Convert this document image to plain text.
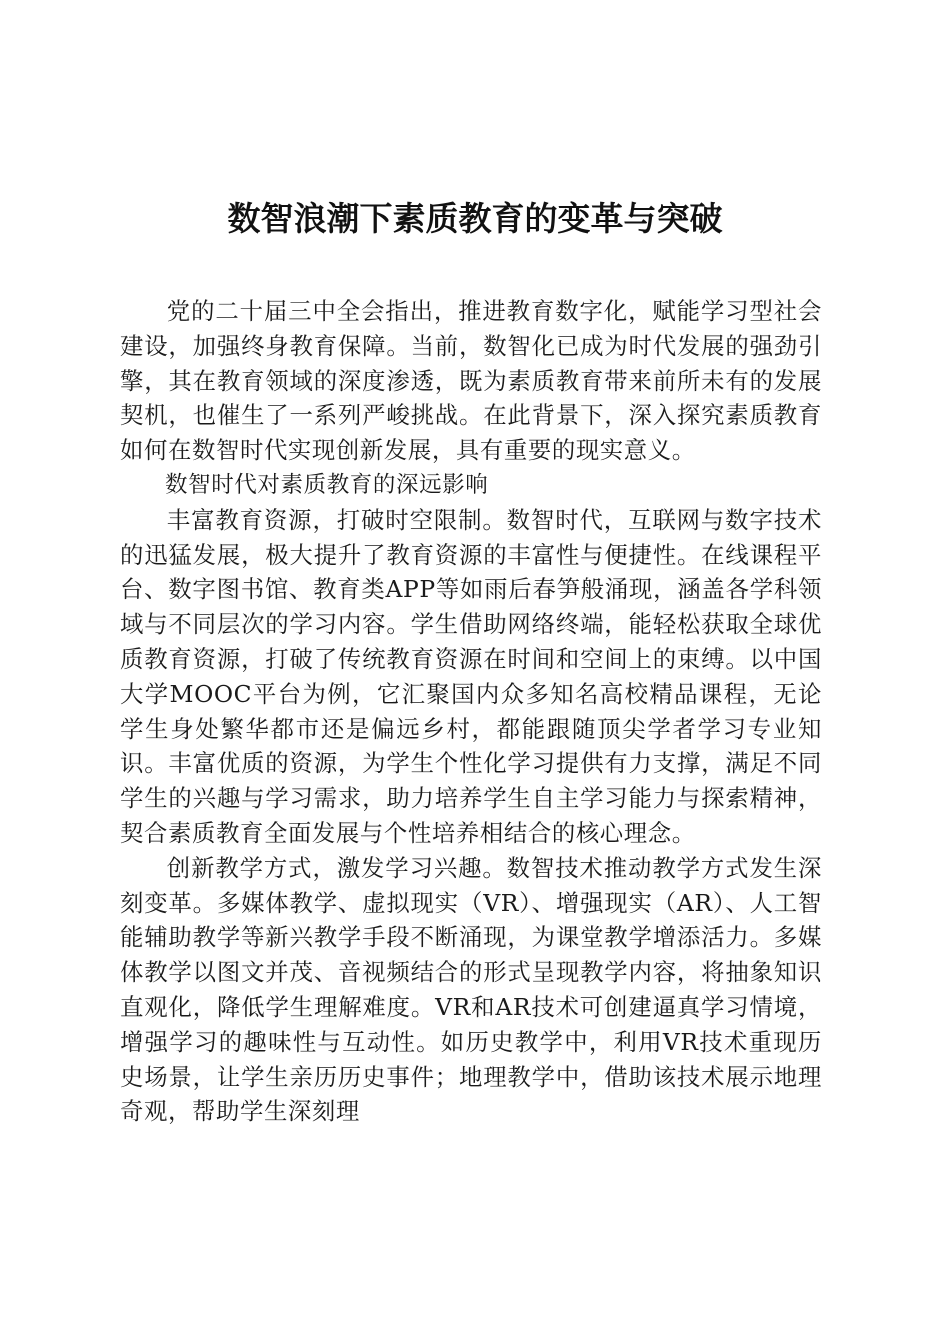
数智浪潮下素质教育的变革与突破

党的二十届三中全会指出，推进教育数字化，赋能学习型社会建设，加强终身教育保障。当前，数智化已成为时代发展的强劲引擎，其在教育领域的深度渗透，既为素质教育带来前所未有的发展契机，也催生了一系列严峻挑战。在此背景下，深入探究素质教育如何在数智时代实现创新发展，具有重要的现实意义。

数智时代对素质教育的深远影响

丰富教育资源，打破时空限制。数智时代，互联网与数字技术的迅猛发展，极大提升了教育资源的丰富性与便捷性。在线课程平台、数字图书馆、教育类APP等如雨后春笋般涌现，涵盖各学科领域与不同层次的学习内容。学生借助网络终端，能轻松获取全球优质教育资源，打破了传统教育资源在时间和空间上的束缚。以中国大学MOOC平台为例，它汇聚国内众多知名高校精品课程，无论学生身处繁华都市还是偏远乡村，都能跟随顶尖学者学习专业知识。丰富优质的资源，为学生个性化学习提供有力支撑，满足不同学生的兴趣与学习需求，助力培养学生自主学习能力与探索精神，契合素质教育全面发展与个性培养相结合的核心理念。

创新教学方式，激发学习兴趣。数智技术推动教学方式发生深刻变革。多媒体教学、虚拟现实（VR）、增强现实（AR）、人工智能辅助教学等新兴教学手段不断涌现，为课堂教学增添活力。多媒体教学以图文并茂、音视频结合的形式呈现教学内容，将抽象知识直观化，降低学生理解难度。VR和AR技术可创建逼真学习情境，增强学习的趣味性与互动性。如历史教学中，利用VR技术重现历史场景，让学生亲历历史事件；地理教学中，借助该技术展示地理奇观，帮助学生深刻理
